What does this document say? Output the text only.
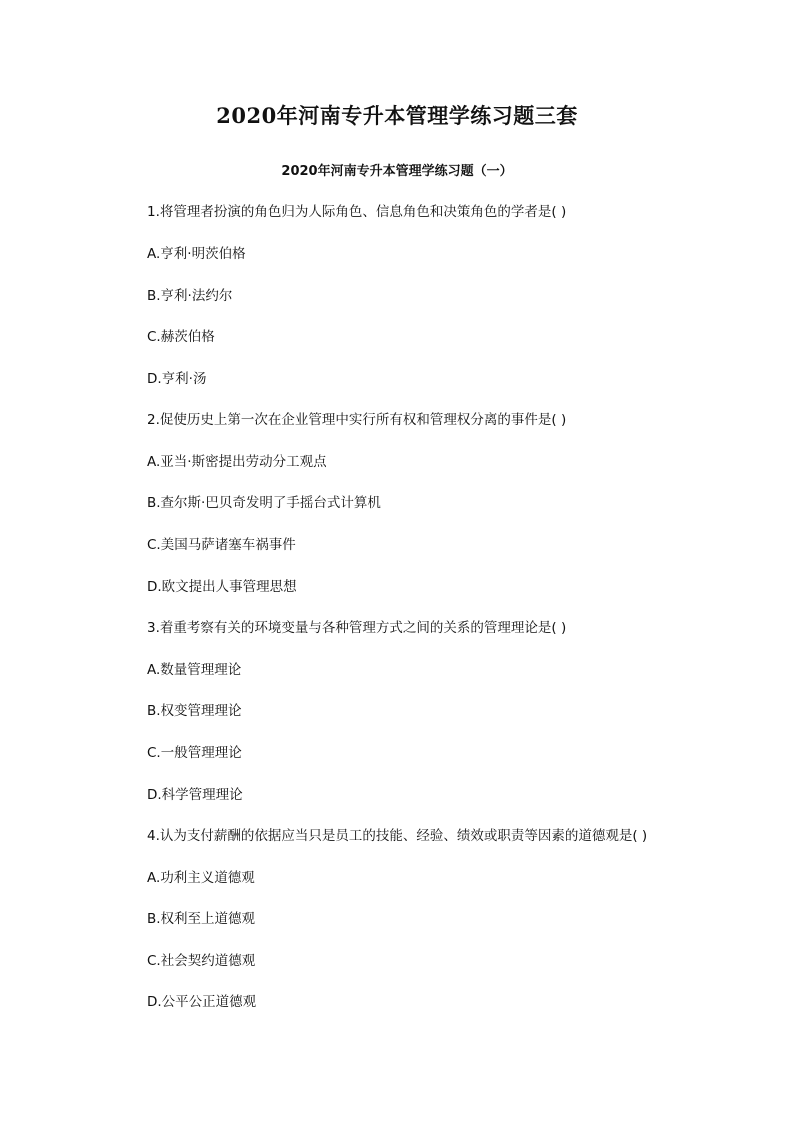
2020年河南专升本管理学练习题三套
2020年河南专升本管理学练习题（一）
1.将管理者扮演的角色归为人际角色、信息角色和决策角色的学者是( )
A.亨利·明茨伯格
B.亨利·法约尔
C.赫茨伯格
D.亨利·汤
2.促使历史上第一次在企业管理中实行所有权和管理权分离的事件是( )
A.亚当·斯密提出劳动分工观点
B.查尔斯·巴贝奇发明了手摇台式计算机
C.美国马萨诸塞车祸事件
D.欧文提出人事管理思想
3.着重考察有关的环境变量与各种管理方式之间的关系的管理理论是( )
A.数量管理理论
B.权变管理理论
C.一般管理理论
D.科学管理理论
4.认为支付薪酬的依据应当只是员工的技能、经验、绩效或职责等因素的道德观是( )
A.功利主义道德观
B.权利至上道德观
C.社会契约道德观
D.公平公正道德观
